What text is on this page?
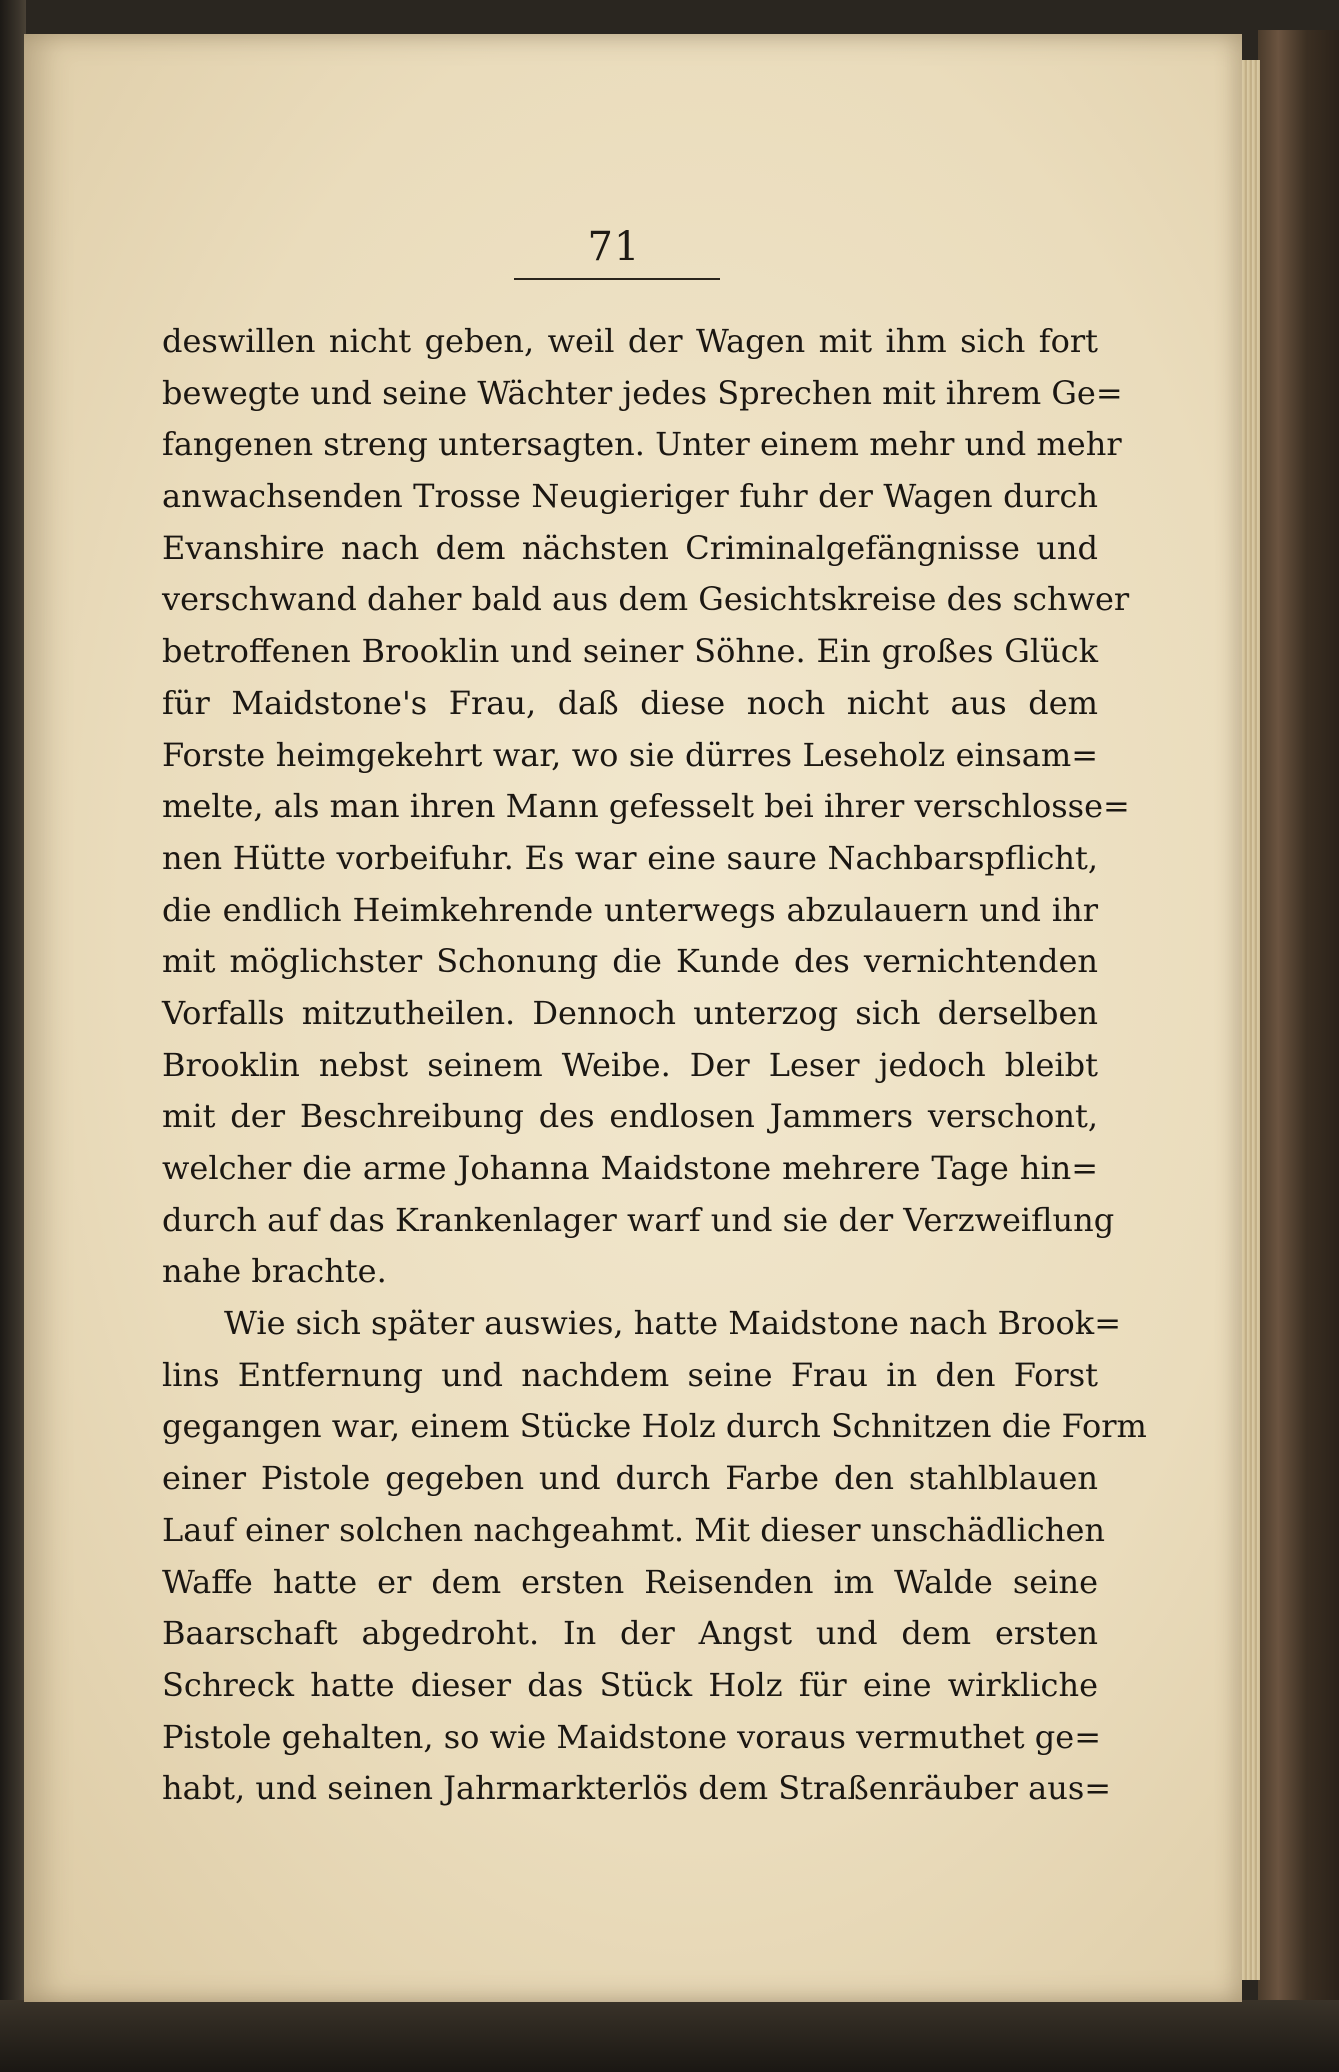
71
deswillen nicht geben, weil der Wagen mit ihm sich fort
bewegte und seine Wächter jedes Sprechen mit ihrem Ge=
fangenen streng untersagten. Unter einem mehr und mehr
anwachsenden Trosse Neugieriger fuhr der Wagen durch
Evanshire nach dem nächsten Criminalgefängnisse und
verschwand daher bald aus dem Gesichtskreise des schwer
betroffenen Brooklin und seiner Söhne. Ein großes Glück
für Maidstone's Frau, daß diese noch nicht aus dem
Forste heimgekehrt war, wo sie dürres Leseholz einsam=
melte, als man ihren Mann gefesselt bei ihrer verschlosse=
nen Hütte vorbeifuhr. Es war eine saure Nachbarspflicht,
die endlich Heimkehrende unterwegs abzulauern und ihr
mit möglichster Schonung die Kunde des vernichtenden
Vorfalls mitzutheilen. Dennoch unterzog sich derselben
Brooklin nebst seinem Weibe. Der Leser jedoch bleibt
mit der Beschreibung des endlosen Jammers verschont,
welcher die arme Johanna Maidstone mehrere Tage hin=
durch auf das Krankenlager warf und sie der Verzweiflung
nahe brachte.
Wie sich später auswies, hatte Maidstone nach Brook=
lins Entfernung und nachdem seine Frau in den Forst
gegangen war, einem Stücke Holz durch Schnitzen die Form
einer Pistole gegeben und durch Farbe den stahlblauen
Lauf einer solchen nachgeahmt. Mit dieser unschädlichen
Waffe hatte er dem ersten Reisenden im Walde seine
Baarschaft abgedroht. In der Angst und dem ersten
Schreck hatte dieser das Stück Holz für eine wirkliche
Pistole gehalten, so wie Maidstone voraus vermuthet ge=
habt, und seinen Jahrmarkterlös dem Straßenräuber aus=
